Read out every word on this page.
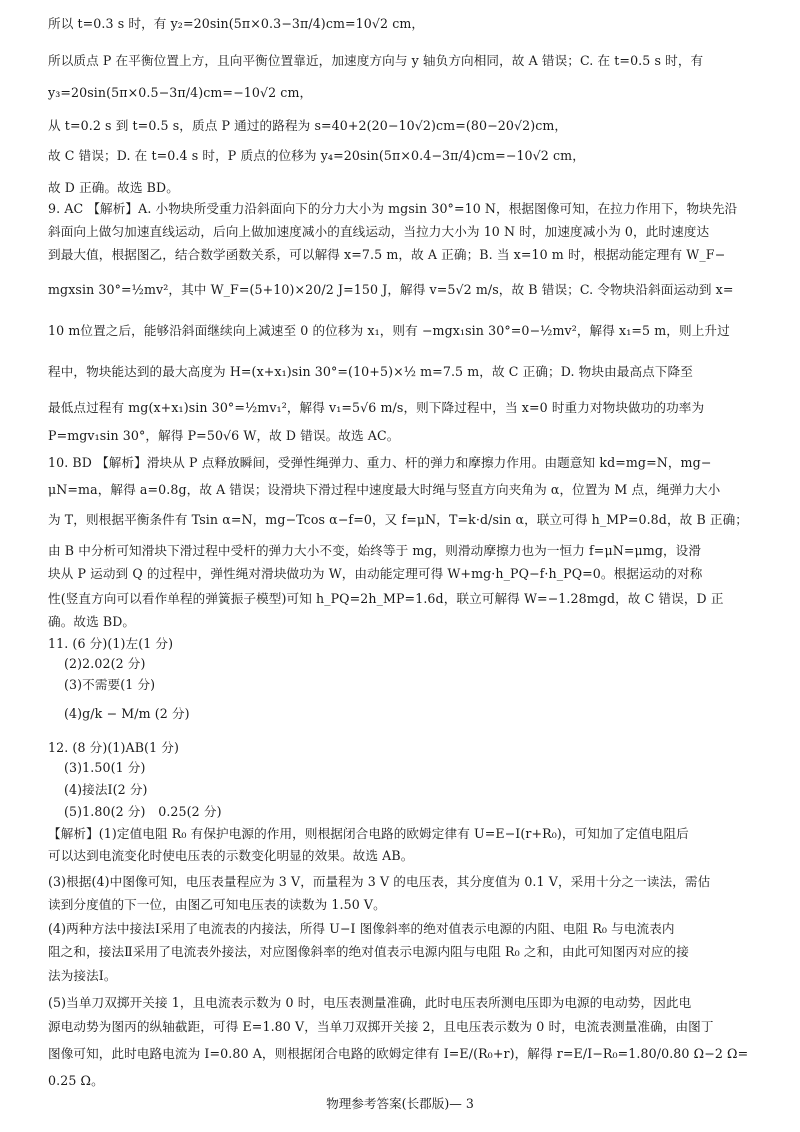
所以 t=0.3 s 时，有 y₂=20sin(5π×0.3−3π/4)cm=10√2 cm，
所以质点 P 在平衡位置上方，且向平衡位置靠近，加速度方向与 y 轴负方向相同，故 A 错误；C. 在 t=0.5 s 时，有
y₃=20sin(5π×0.5−3π/4)cm=−10√2 cm，
从 t=0.2 s 到 t=0.5 s，质点 P 通过的路程为 s=40+2(20−10√2)cm=(80−20√2)cm，
故 C 错误；D. 在 t=0.4 s 时，P 质点的位移为 y₄=20sin(5π×0.4−3π/4)cm=−10√2 cm，
故 D 正确。故选 BD。
9. AC 【解析】A. 小物块所受重力沿斜面向下的分力大小为 mgsin 30°=10 N，根据图像可知，在拉力作用下，物块先沿
斜面向上做匀加速直线运动，后向上做加速度减小的直线运动，当拉力大小为 10 N 时，加速度减小为 0，此时速度达
到最大值，根据图乙，结合数学函数关系，可以解得 x=7.5 m，故 A 正确；B. 当 x=10 m 时，根据动能定理有 W_F−
mgxsin 30°=½mv²，其中 W_F=(5+10)×20/2 J=150 J，解得 v=5√2 m/s，故 B 错误；C. 令物块沿斜面运动到 x=
10 m位置之后，能够沿斜面继续向上减速至 0 的位移为 x₁，则有 −mgx₁sin 30°=0−½mv²，解得 x₁=5 m，则上升过
程中，物块能达到的最大高度为 H=(x+x₁)sin 30°=(10+5)×½ m=7.5 m，故 C 正确；D. 物块由最高点下降至
最低点过程有 mg(x+x₁)sin 30°=½mv₁²，解得 v₁=5√6 m/s，则下降过程中，当 x=0 时重力对物块做功的功率为
P=mgv₁sin 30°，解得 P=50√6 W，故 D 错误。故选 AC。
10. BD 【解析】滑块从 P 点释放瞬间，受弹性绳弹力、重力、杆的弹力和摩擦力作用。由题意知 kd=mg=N，mg−
μN=ma，解得 a=0.8g，故 A 错误；设滑块下滑过程中速度最大时绳与竖直方向夹角为 α，位置为 M 点，绳弹力大小
为 T，则根据平衡条件有 Tsin α=N，mg−Tcos α−f=0，又 f=μN，T=k·d/sin α，联立可得 h_MP=0.8d，故 B 正确；
由 B 中分析可知滑块下滑过程中受杆的弹力大小不变，始终等于 mg，则滑动摩擦力也为一恒力 f=μN=μmg，设滑
块从 P 运动到 Q 的过程中，弹性绳对滑块做功为 W，由动能定理可得 W+mg·h_PQ−f·h_PQ=0。根据运动的对称
性(竖直方向可以看作单程的弹簧振子模型)可知 h_PQ=2h_MP=1.6d，联立可解得 W=−1.28mgd，故 C 错误，D 正
确。故选 BD。
11. (6 分)(1)左(1 分)
(2)2.02(2 分)
(3)不需要(1 分)
(4)g/k − M/m (2 分)
12. (8 分)(1)AB(1 分)
(3)1.50(1 分)
(4)接法Ⅰ(2 分)
(5)1.80(2 分)　0.25(2 分)
【解析】(1)定值电阻 R₀ 有保护电源的作用，则根据闭合电路的欧姆定律有 U=E−I(r+R₀)，可知加了定值电阻后
可以达到电流变化时使电压表的示数变化明显的效果。故选 AB。
(3)根据(4)中图像可知，电压表量程应为 3 V，而量程为 3 V 的电压表，其分度值为 0.1 V，采用十分之一读法，需估
读到分度值的下一位，由图乙可知电压表的读数为 1.50 V。
(4)两种方法中接法Ⅰ采用了电流表的内接法，所得 U−I 图像斜率的绝对值表示电源的内阻、电阻 R₀ 与电流表内
阻之和，接法Ⅱ采用了电流表外接法，对应图像斜率的绝对值表示电源内阻与电阻 R₀ 之和，由此可知图丙对应的接
法为接法Ⅰ。
(5)当单刀双掷开关接 1，且电流表示数为 0 时，电压表测量准确，此时电压表所测电压即为电源的电动势，因此电
源电动势为图丙的纵轴截距，可得 E=1.80 V，当单刀双掷开关接 2，且电压表示数为 0 时，电流表测量准确，由图丁
图像可知，此时电路电流为 I=0.80 A，则根据闭合电路的欧姆定律有 I=E/(R₀+r)，解得 r=E/I−R₀=1.80/0.80 Ω−2 Ω=
0.25 Ω。
物理参考答案(长郡版)— 3
